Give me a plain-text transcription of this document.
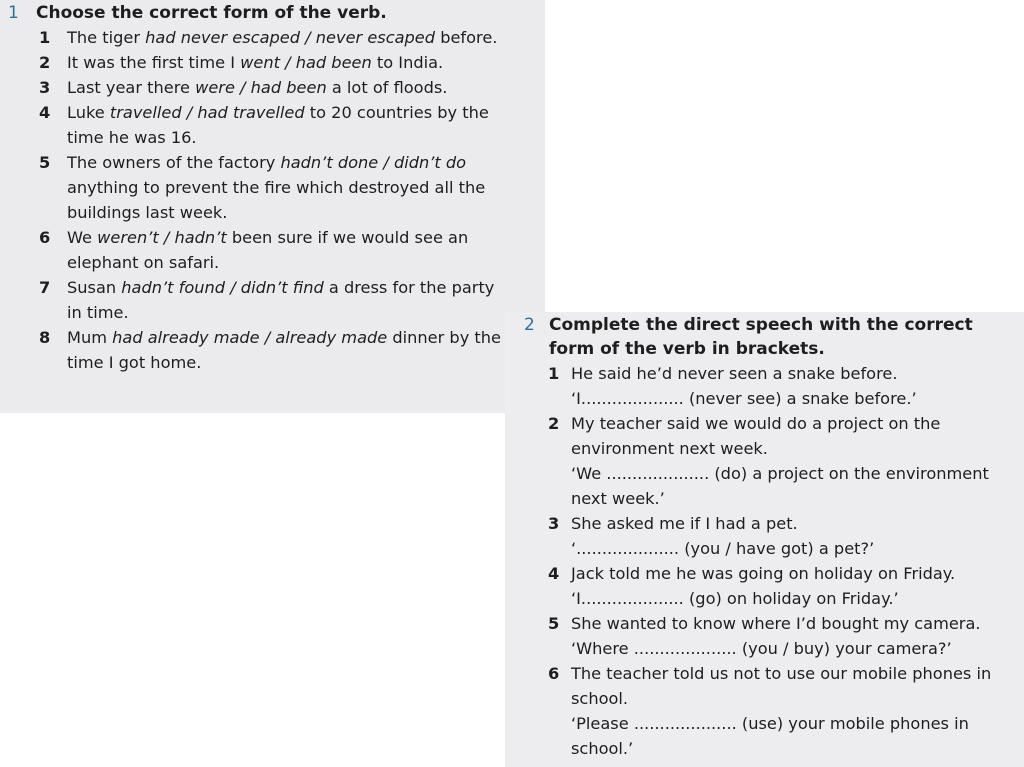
1	Choose the correct form of the verb.
1	The tiger had never escaped / never escaped before.
2	It was the first time I went / had been to India.
3	Last year there were / had been a lot of floods.
4	Luke travelled / had travelled to 20 countries by the time he was 16.
5	The owners of the factory hadn’t done / didn’t do anything to prevent the fire which destroyed all the buildings last week.
6	We weren’t / hadn’t been sure if we would see an elephant on safari.
7	Susan hadn’t found / didn’t find a dress for the party in time.
8	Mum had already made / already made dinner by the time I got home.
2 Complete the direct speech with the correct form of the verb in brackets.
1 He said he’d never seen a snake before.
‘I.................... (never see) a snake before.’
2 My teacher said we would do a project on the environment next week.
‘We .................... (do) a project on the environment next week.’
3 She asked me if I had a pet.
‘.................... (you / have got) a pet?’
4 Jack told me he was going on holiday on Friday.
‘I.................... (go) on holiday on Friday.’
5 She wanted to know where I’d bought my camera.
‘Where .................... (you / buy) your camera?’
6 The teacher told us not to use our mobile phones in school.
‘Please .................... (use) your mobile phones in school.’
